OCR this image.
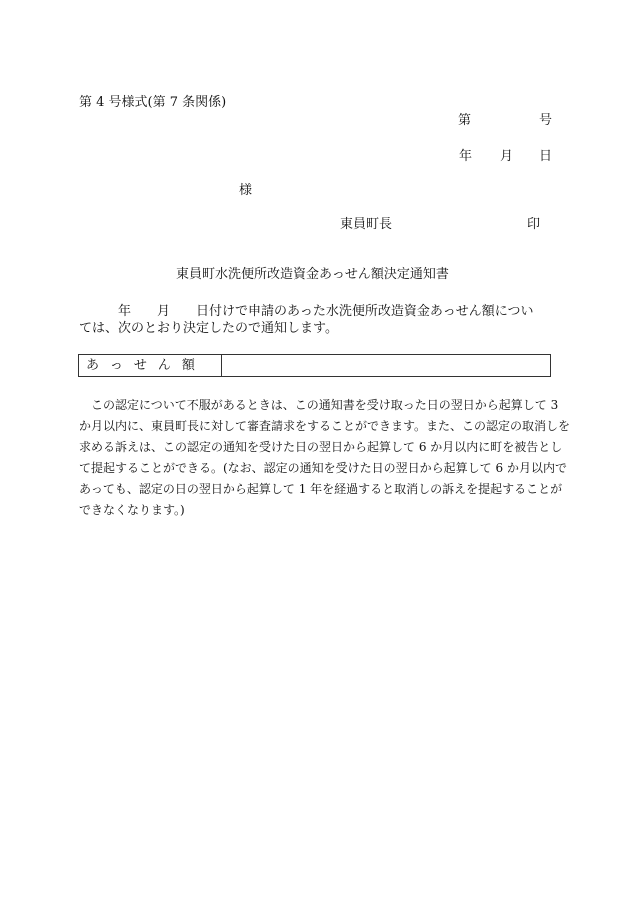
第 4 号様式(第 7 条関係)
第	号
年 月 日
様
東員町長	印
東員町水洗便所改造資金あっせん額決定通知書
　　　年　　月　　日付けで申請のあった水洗便所改造資金あっせん額につい
ては、次のとおり決定したので通知します。
あっせん額
　この認定について不服があるときは、この通知書を受け取った日の翌日から起算して 3
か月以内に、東員町長に対して審査請求をすることができます。また、この認定の取消しを
求める訴えは、この認定の通知を受けた日の翌日から起算して 6 か月以内に町を被告とし
て提起することができる。(なお、認定の通知を受けた日の翌日から起算して 6 か月以内で
あっても、認定の日の翌日から起算して 1 年を経過すると取消しの訴えを提起することが
できなくなります。)
